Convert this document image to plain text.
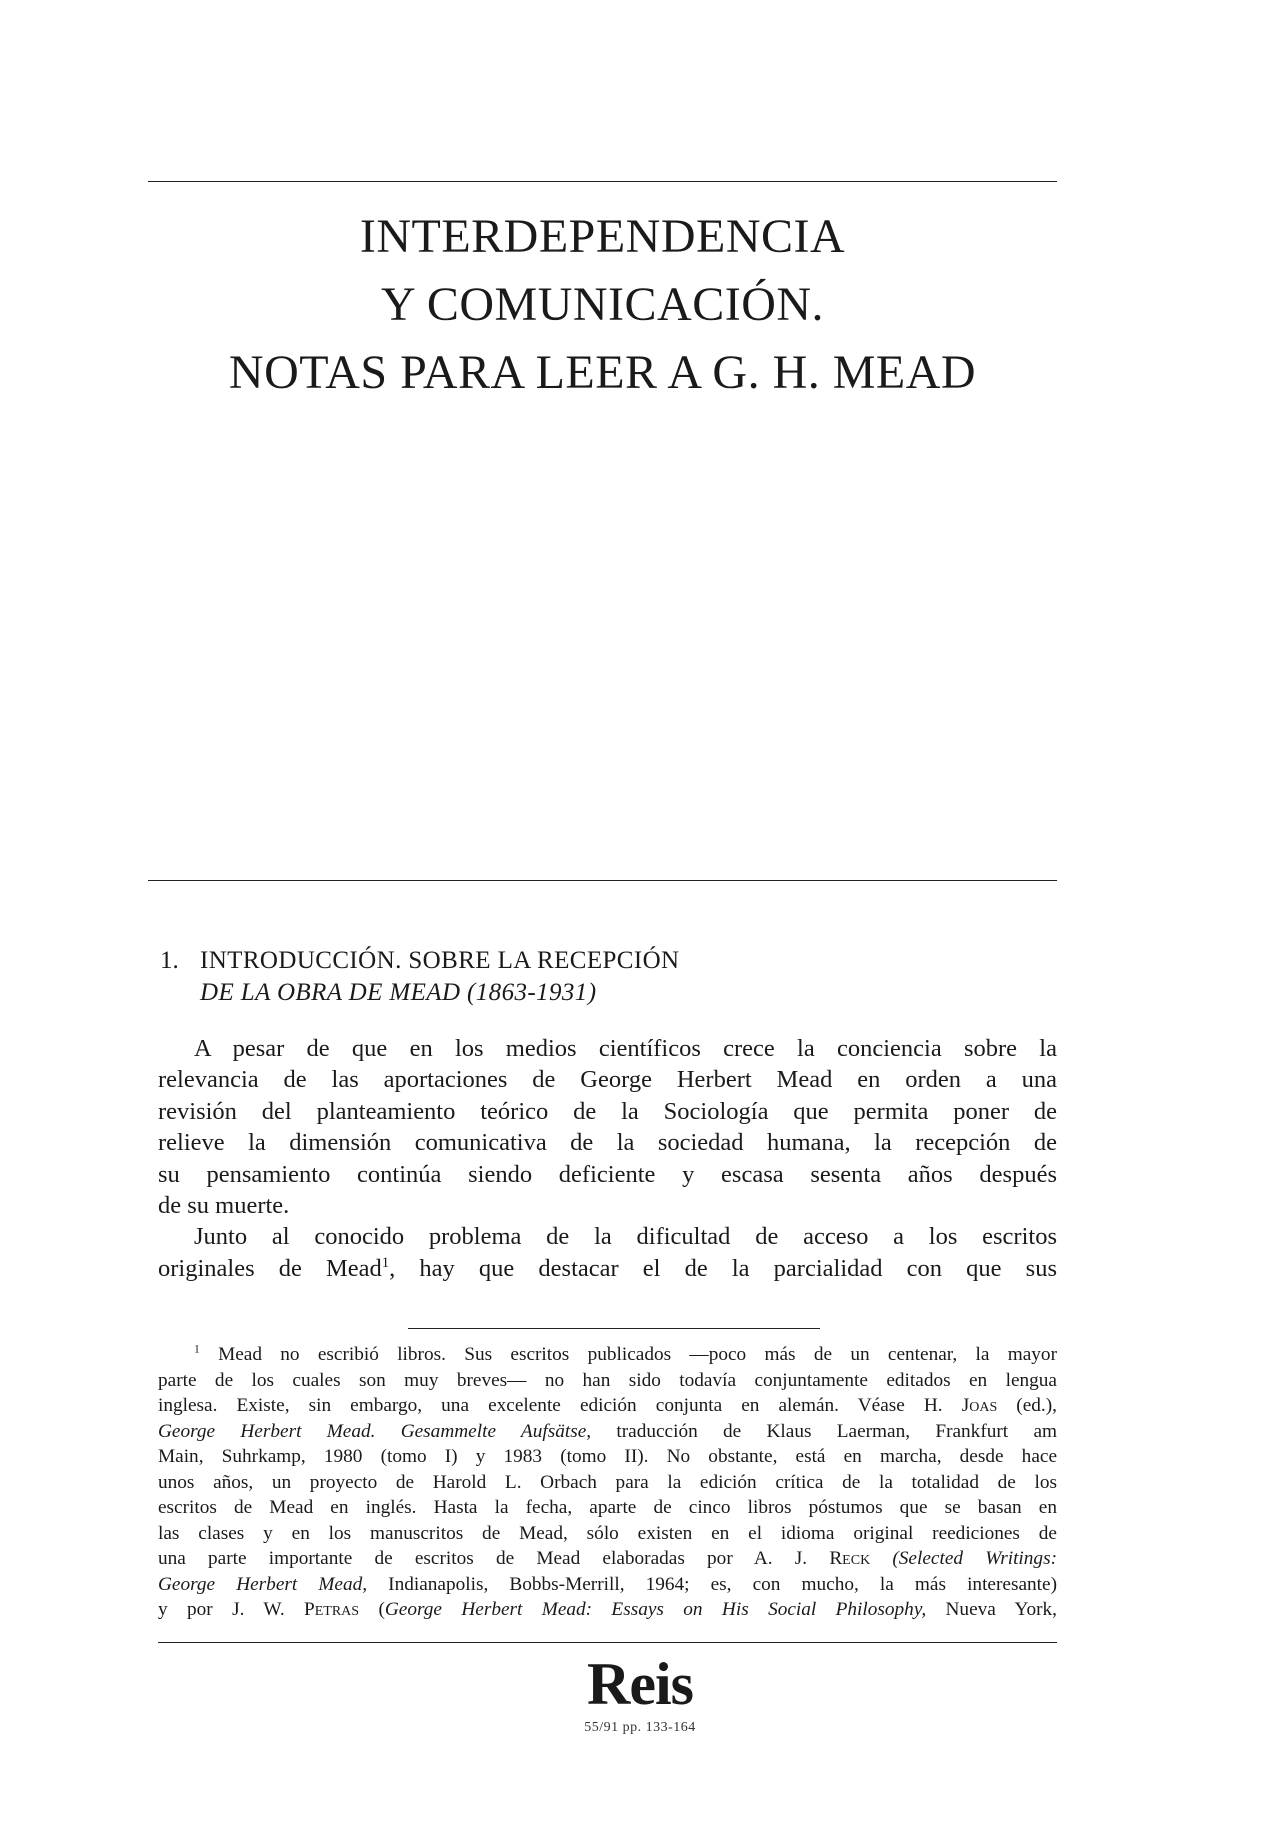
INTERDEPENDENCIA
Y COMUNICACIÓN.
NOTAS PARA LEER A G. H. MEAD
1. INTRODUCCIÓN. SOBRE LA RECEPCIÓN
DE LA OBRA DE MEAD (1863-1931)
A pesar de que en los medios científicos crece la conciencia sobre la
relevancia de las aportaciones de George Herbert Mead en orden a una
revisión del planteamiento teórico de la Sociología que permita poner de
relieve la dimensión comunicativa de la sociedad humana, la recepción de
su pensamiento continúa siendo deficiente y escasa sesenta años después
de su muerte.
Junto al conocido problema de la dificultad de acceso a los escritos
originales de Mead$^1$, hay que destacar el de la parcialidad con que sus
$^1$ Mead no escribió libros. Sus escritos publicados —poco más de un centenar, la mayor
parte de los cuales son muy breves— no han sido todavía conjuntamente editados en lengua
inglesa. Existe, sin embargo, una excelente edición conjunta en alemán. Véase H. Joas (ed.),
George Herbert Mead. Gesammelte Aufsätse, traducción de Klaus Laerman, Frankfurt am
Main, Suhrkamp, 1980 (tomo I) y 1983 (tomo II). No obstante, está en marcha, desde hace
unos años, un proyecto de Harold L. Orbach para la edición crítica de la totalidad de los
escritos de Mead en inglés. Hasta la fecha, aparte de cinco libros póstumos que se basan en
las clases y en los manuscritos de Mead, sólo existen en el idioma original reediciones de
una parte importante de escritos de Mead elaboradas por A. J. Reck (Selected Writings:
George Herbert Mead, Indianapolis, Bobbs-Merrill, 1964; es, con mucho, la más interesante)
y por J. W. Petras (George Herbert Mead: Essays on His Social Philosophy, Nueva York,
Reis
55/91 pp. 133-164
